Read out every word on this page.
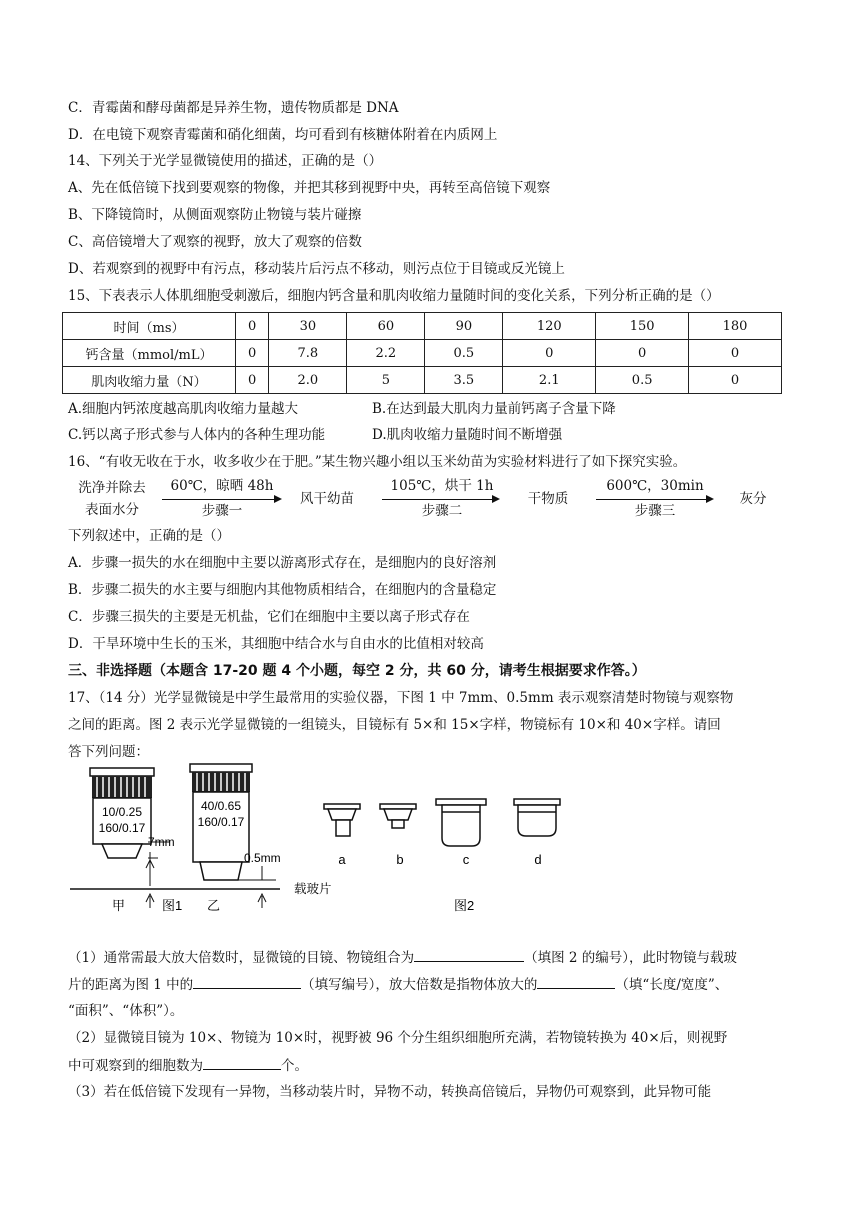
C．青霉菌和酵母菌都是异养生物，遗传物质都是 DNA
D．在电镜下观察青霉菌和硝化细菌，均可看到有核糖体附着在内质网上
14、下列关于光学显微镜使用的描述，正确的是（）
A、先在低倍镜下找到要观察的物像，并把其移到视野中央，再转至高倍镜下观察
B、下降镜筒时，从侧面观察防止物镜与装片碰擦
C、高倍镜增大了观察的视野，放大了观察的倍数
D、若观察到的视野中有污点，移动装片后污点不移动，则污点位于目镜或反光镜上
15、下表表示人体肌细胞受刺激后，细胞内钙含量和肌肉收缩力量随时间的变化关系，下列分析正确的是（）
时间（ms）	0	30	60	90	120	150	180
钙含量（mmol/mL）	0	7.8	2.2	0.5	0	0	0
肌肉收缩力量（N）	0	2.0	5	3.5	2.1	0.5	0
A.细胞内钙浓度越高肌肉收缩力量越大	B.在达到最大肌肉力量前钙离子含量下降
C.钙以离子形式参与人体内的各种生理功能	D.肌肉收缩力量随时间不断增强
16、“有收无收在于水，收多收少在于肥。”某生物兴趣小组以玉米幼苗为实验材料进行了如下探究实验。
洗净并除去
表面水分
60℃，晾晒 48h
步骤一
风干幼苗
105℃，烘干 1h
步骤二
干物质
600℃，30min
步骤三
灰分
下列叙述中，正确的是（）
A．步骤一损失的水在细胞中主要以游离形式存在，是细胞内的良好溶剂
B．步骤二损失的水主要与细胞内其他物质相结合，在细胞内的含量稳定
C．步骤三损失的主要是无机盐，它们在细胞中主要以离子形式存在
D．干旱环境中生长的玉米，其细胞中结合水与自由水的比值相对较高
三、非选择题（本题含 17-20 题 4 个小题，每空 2 分，共 60 分，请考生根据要求作答。）
17、（14 分）光学显微镜是中学生最常用的实验仪器，下图 1 中 7mm、0.5mm 表示观察清楚时物镜与观察物
之间的距离。图 2 表示光学显微镜的一组镜头，目镜标有 5×和 15×字样，物镜标有 10×和 40×字样。请回
答下列问题：
10/0.25
160/0.17
7mm
40/0.65
160/0.17
0.5mm
载玻片
甲	图1 乙
a	b	c	d
图2
（1）通常需最大放大倍数时，显微镜的目镜、物镜组合为	（填图 2 的编号），此时物镜与载玻
片的距离为图 1 中的	（填写编号），放大倍数是指物体放大的	（填“长度/宽度”、
“面积”、“体积”）。
（2）显微镜目镜为 10×、物镜为 10×时，视野被 96 个分生组织细胞所充满，若物镜转换为 40×后，则视野
中可观察到的细胞数为	个。
（3）若在低倍镜下发现有一异物，当移动装片时，异物不动，转换高倍镜后，异物仍可观察到，此异物可能
